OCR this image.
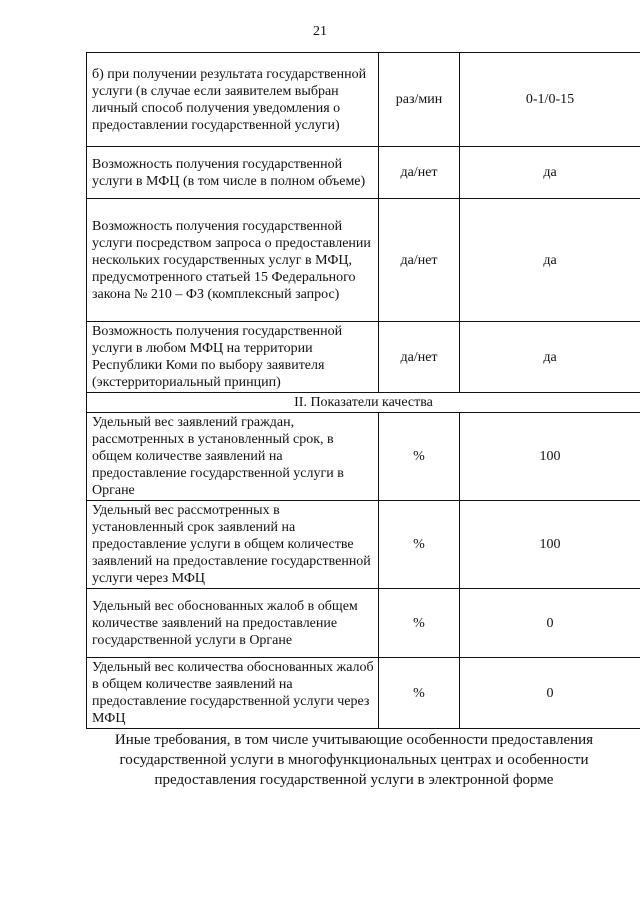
21
б) при получении результата государственной услуги (в случае если заявителем выбран личный способ получения уведомления о предоставлении государственной услуги)	раз/мин	0-1/0-15
Возможность получения государственной услуги в МФЦ (в том числе в полном объеме)	да/нет	да
Возможность получения государственной услуги посредством запроса о предоставлении нескольких государственных услуг в МФЦ, предусмотренного статьей 15 Федерального закона № 210 – ФЗ (комплексный запрос)	да/нет	да
Возможность получения государственной услуги в любом МФЦ на территории Республики Коми по выбору заявителя (экстерриториальный принцип)	да/нет	да
II. Показатели качества		
Удельный вес заявлений граждан, рассмотренных в установленный срок, в общем количестве заявлений на предоставление государственной услуги в Органе	%	100
Удельный вес рассмотренных в установленный срок заявлений на предоставление услуги в общем количестве заявлений на предоставление государственной услуги через МФЦ	%	100
Удельный вес обоснованных жалоб в общем количестве заявлений на предоставление государственной услуги в Органе	%	0
Удельный вес количества обоснованных жалоб в общем количестве заявлений на предоставление государственной услуги через МФЦ	%	0
Иные требования, в том числе учитывающие особенности предоставления
государственной услуги в многофункциональных центрах и особенности
предоставления государственной услуги в электронной форме
